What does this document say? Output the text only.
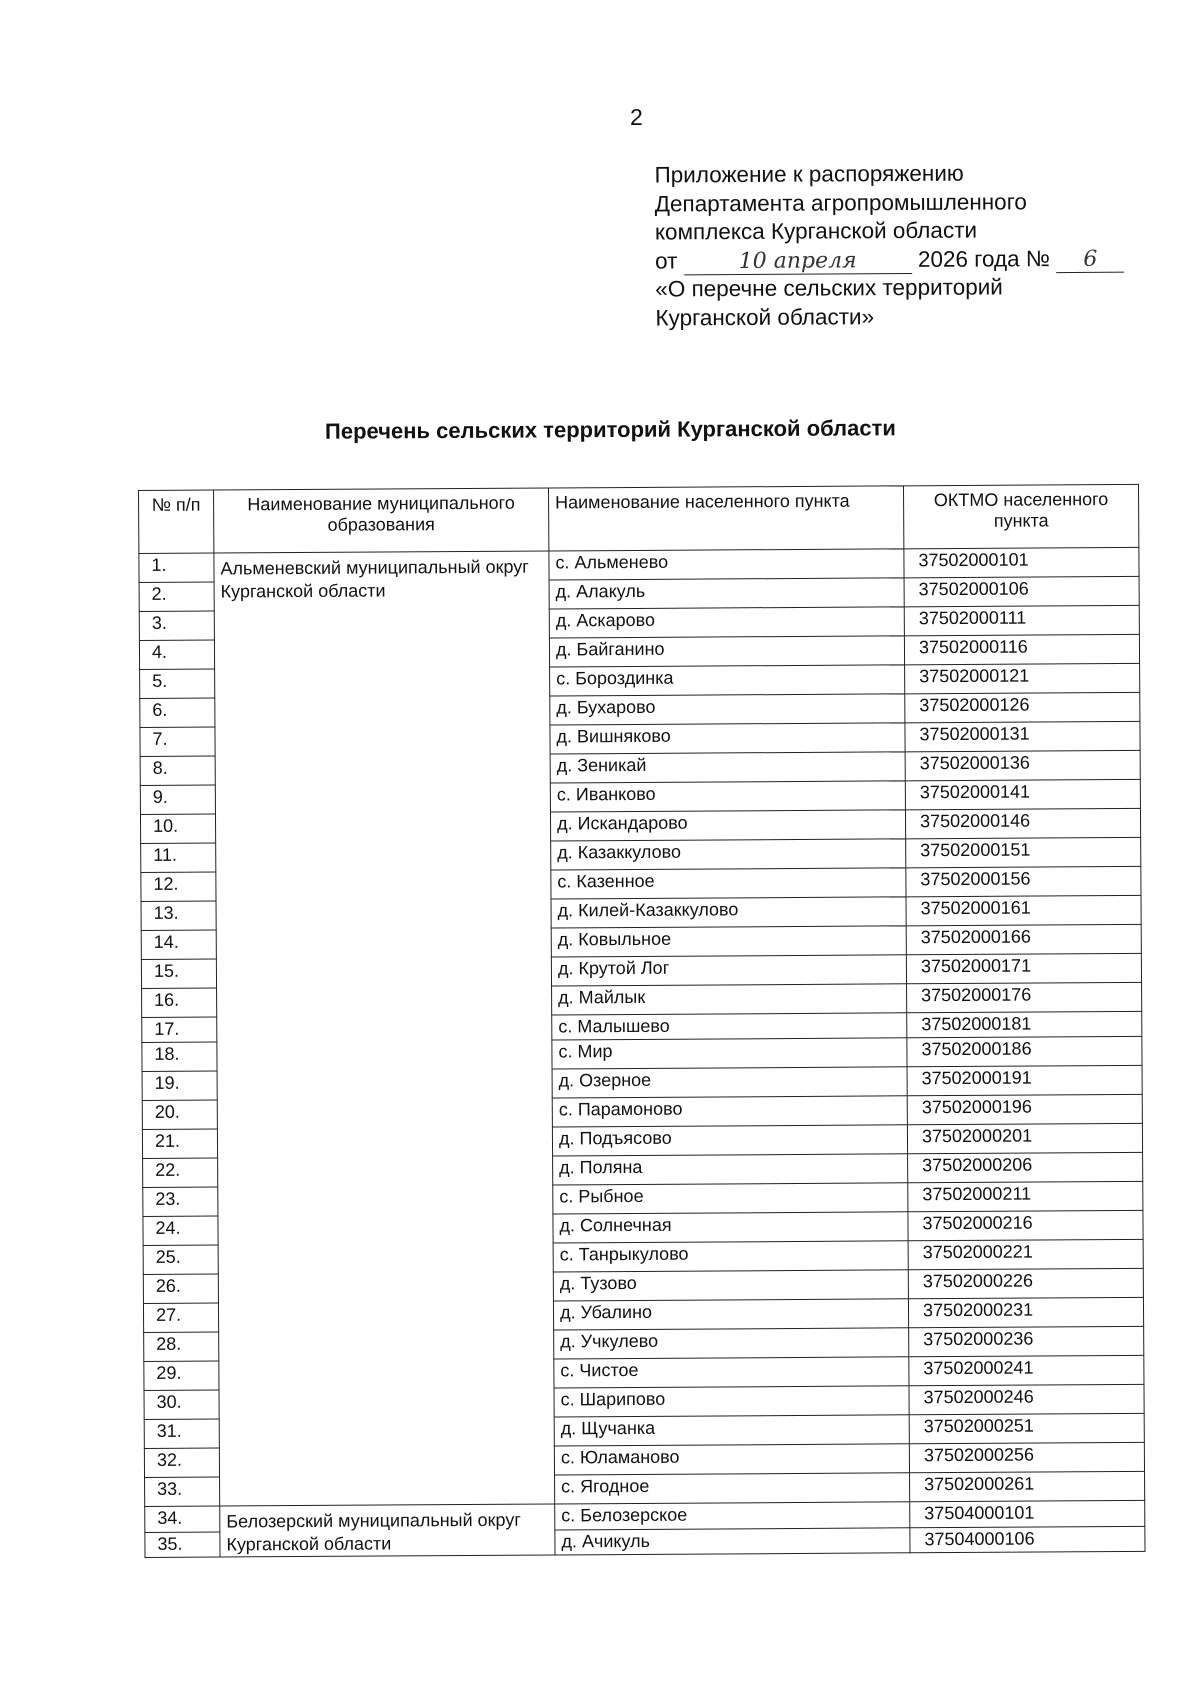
2
Приложение к распоряжению
Департамента агропромышленного
комплекса Курганской области
от	10 апреля	2026 года № 6
«О перечне сельских территорий
Курганской области»
Перечень сельских территорий Курганской области
№ п/п	Наименование муниципального образования	Наименование населенного пункта	ОКТМО населенного пункта
1.	Альменевский муниципальный округ Курганской области	с. Альменево	37502000101
2.		д. Алакуль	37502000106
3.		д. Аскарово	37502000111
4.		д. Байганино	37502000116
5.		с. Бороздинка	37502000121
6.		д. Бухарово	37502000126
7.		д. Вишняково	37502000131
8.		д. Зеникай	37502000136
9.		с. Иванково	37502000141
10.		д. Искандарово	37502000146
11.		д. Казаккулово	37502000151
12.		с. Казенное	37502000156
13.		д. Килей-Казаккулово	37502000161
14.		д. Ковыльное	37502000166
15.		д. Крутой Лог	37502000171
16.		д. Майлык	37502000176
17.		с. Малышево	37502000181
18.		с. Мир	37502000186
19.		д. Озерное	37502000191
20.		с. Парамоново	37502000196
21.		д. Подъясово	37502000201
22.		д. Поляна	37502000206
23.		с. Рыбное	37502000211
24.		д. Солнечная	37502000216
25.		с. Танрыкулово	37502000221
26.		д. Тузово	37502000226
27.		д. Убалино	37502000231
28.		д. Учкулево	37502000236
29.		с. Чистое	37502000241
30.		с. Шарипово	37502000246
31.		д. Щучанка	37502000251
32.		с. Юламаново	37502000256
33.		с. Ягодное	37502000261
34.	Белозерский муниципальный округ Курганской области	с. Белозерское	37504000101
35.		д. Ачикуль	37504000106
